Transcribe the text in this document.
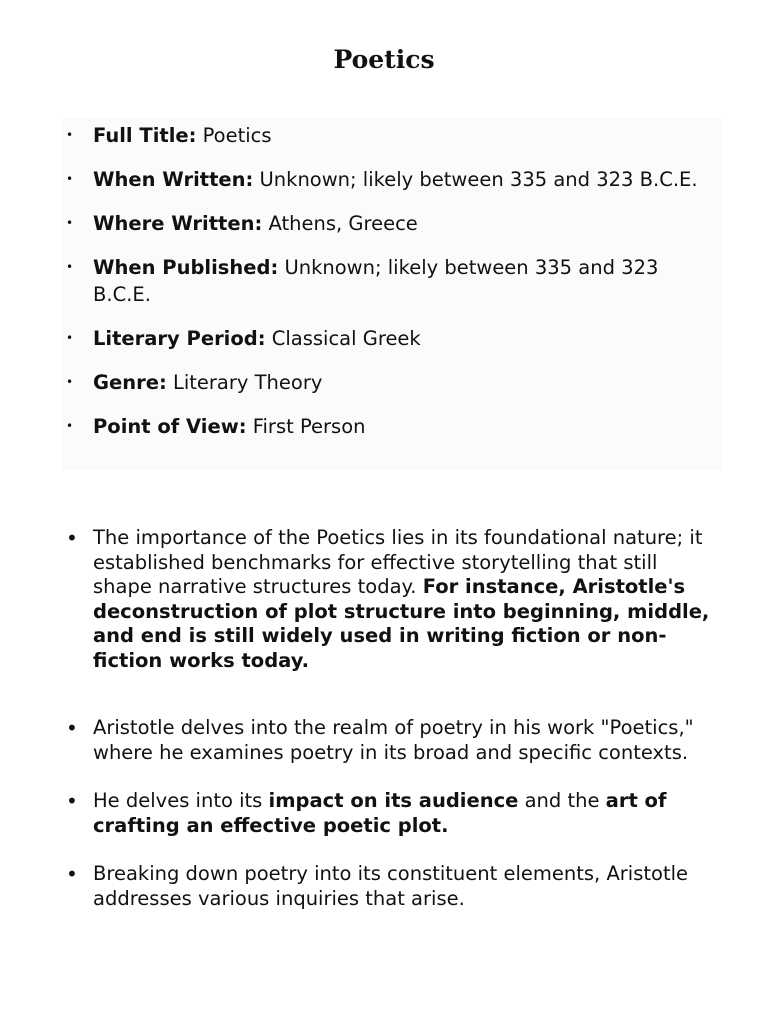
Poetics
• Full Title: Poetics
• When Written: Unknown; likely between 335 and 323 B.C.E.
• Where Written: Athens, Greece
• When Published: Unknown; likely between 335 and 323 B.C.E.
• Literary Period: Classical Greek
• Genre: Literary Theory
• Point of View: First Person
• The importance of the Poetics lies in its foundational nature; it established benchmarks for effective storytelling that still shape narrative structures today. For instance, Aristotle's deconstruction of plot structure into beginning, middle, and end is still widely used in writing fiction or non-fiction works today.
• Aristotle delves into the realm of poetry in his work "Poetics," where he examines poetry in its broad and specific contexts.
• He delves into its impact on its audience and the art of crafting an effective poetic plot.
• Breaking down poetry into its constituent elements, Aristotle addresses various inquiries that arise.
